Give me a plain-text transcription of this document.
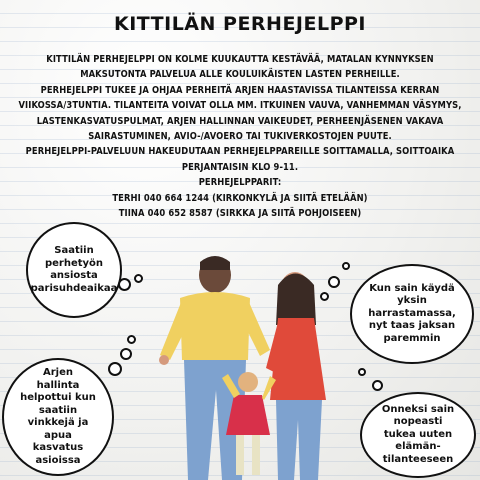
KITTILÄN PERHEJELPPI

KITTILÄN PERHEJELPPI ON KOLME KUUKAUTTA KESTÄVÄÄ, MATALAN KYNNYKSEN MAKSUTONTA PALVELUA ALLE KOULUIKÄISTEN LASTEN PERHEILLE.

PERHEJELPPI TUKEE JA OHJAA PERHEITÄ ARJEN HAASTAVISSA TILANTEISSA KERRAN VIIKOSSA/3TUNTIA. TILANTEITA VOIVAT OLLA MM. ITKUINEN VAUVA, VANHEMMAN VÄSYMYS, LASTENKASVATUSPULMAT, ARJEN HALLINNAN VAIKEUDET, PERHEENJÄSENEN VAKAVA SAIRASTUMINEN, AVIO-/AVOERO TAI TUKIVERKOSTOJEN PUUTE.

PERHEJELPPI-PALVELUUN HAKEUDUTAAN PERHEJELPPAREILLE SOITTAMALLA, SOITTOAIKA PERJANTAISIN KLO 9-11.

PERHEJELPPARIT:

TERHI 040 664 1244 (KIRKONKYLÄ JA SIITÄ ETELÄÄN)

TIINA 040 652 8587 (SIRKKA JA SIITÄ POHJOISEEN)

Saatiin perhetyön ansiosta parisuhdeaikaa	Kun sain käydä yksin harrastamassa, nyt taas jaksan paremmin
Arjen hallinta helpottui kun saatiin vinkkejä ja apua kasvatus asioissa
Onneksi sain nopeasti tukea uuten elämän-tilanteeseen
